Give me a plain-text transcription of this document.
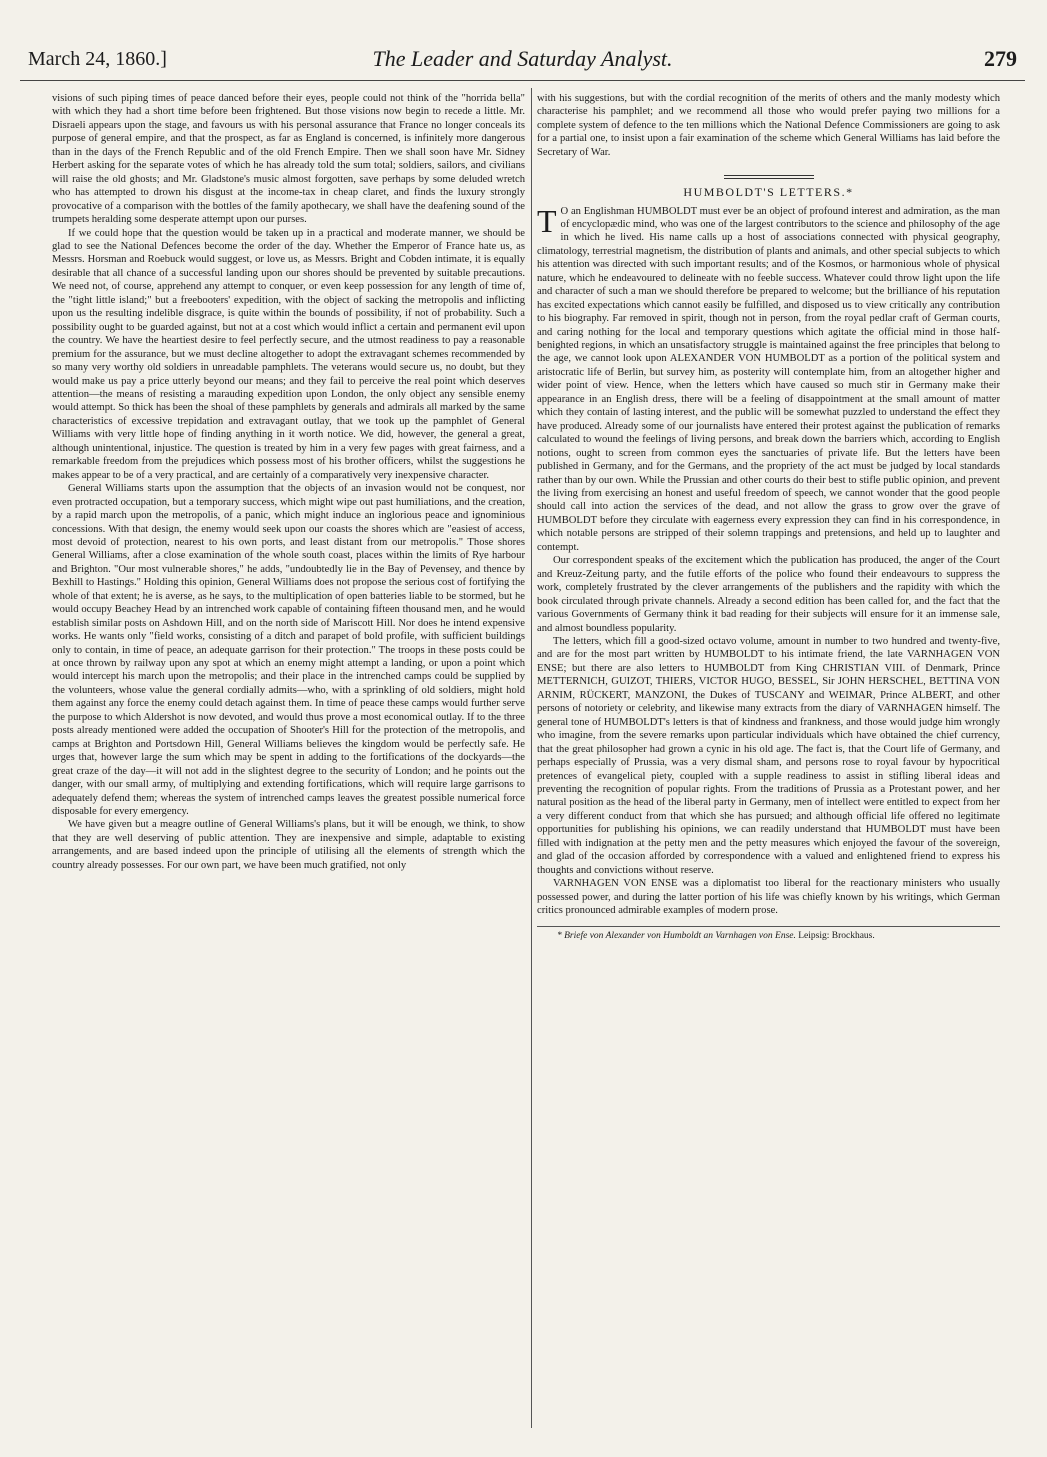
March 24, 1860.]	The Leader and Saturday Analyst.	279

visions of such piping times of peace danced before their eyes, people could not think of the "horrida bella" with which they had a short time before been frightened. But those visions now begin to recede a little. Mr. Disraeli appears upon the stage, and favours us with his personal assurance that France no longer conceals its purpose of general empire, and that the prospect, as far as England is concerned, is infinitely more dangerous than in the days of the French Republic and of the old French Empire. Then we shall soon have Mr. Sidney Herbert asking for the separate votes of which he has already told the sum total; soldiers, sailors, and civilians will raise the old ghosts; and Mr. Gladstone's music almost forgotten, save perhaps by some deluded wretch who has attempted to drown his disgust at the income-tax in cheap claret, and finds the luxury strongly provocative of a comparison with the bottles of the family apothecary, we shall have the deafening sound of the trumpets heralding some desperate attempt upon our purses.

If we could hope that the question would be taken up in a practical and moderate manner, we should be glad to see the National Defences become the order of the day. Whether the Emperor of France hate us, as Messrs. Horsman and Roebuck would suggest, or love us, as Messrs. Bright and Cobden intimate, it is equally desirable that all chance of a successful landing upon our shores should be prevented by suitable precautions. We need not, of course, apprehend any attempt to conquer, or even keep possession for any length of time of, the "tight little island;" but a freebooters' expedition, with the object of sacking the metropolis and inflicting upon us the resulting indelible disgrace, is quite within the bounds of possibility, if not of probability. Such a possibility ought to be guarded against, but not at a cost which would inflict a certain and permanent evil upon the country. We have the heartiest desire to feel perfectly secure, and the utmost readiness to pay a reasonable premium for the assurance, but we must decline altogether to adopt the extravagant schemes recommended by so many very worthy old soldiers in unreadable pamphlets. The veterans would secure us, no doubt, but they would make us pay a price utterly beyond our means; and they fail to perceive the real point which deserves attention—the means of resisting a marauding expedition upon London, the only object any sensible enemy would attempt. So thick has been the shoal of these pamphlets by generals and admirals all marked by the same characteristics of excessive trepidation and extravagant outlay, that we took up the pamphlet of General Williams with very little hope of finding anything in it worth notice. We did, however, the general a great, although unintentional, injustice. The question is treated by him in a very few pages with great fairness, and a remarkable freedom from the prejudices which possess most of his brother officers, whilst the suggestions he makes appear to be of a very practical, and are certainly of a comparatively very inexpensive character.

General Williams starts upon the assumption that the objects of an invasion would not be conquest, nor even protracted occupation, but a temporary success, which might wipe out past humiliations, and the creation, by a rapid march upon the metropolis, of a panic, which might induce an inglorious peace and ignominious concessions. With that design, the enemy would seek upon our coasts the shores which are "easiest of access, most devoid of protection, nearest to his own ports, and least distant from our metropolis." Those shores General Williams, after a close examination of the whole south coast, places within the limits of Rye harbour and Brighton. "Our most vulnerable shores," he adds, "undoubtedly lie in the Bay of Pevensey, and thence by Bexhill to Hastings." Holding this opinion, General Williams does not propose the serious cost of fortifying the whole of that extent; he is averse, as he says, to the multiplication of open batteries liable to be stormed, but he would occupy Beachey Head by an intrenched work capable of containing fifteen thousand men, and he would establish similar posts on Ashdown Hill, and on the north side of Mariscott Hill. Nor does he intend expensive works. He wants only "field works, consisting of a ditch and parapet of bold profile, with sufficient buildings only to contain, in time of peace, an adequate garrison for their protection." The troops in these posts could be at once thrown by railway upon any spot at which an enemy might attempt a landing, or upon a point which would intercept his march upon the metropolis; and their place in the intrenched camps could be supplied by the volunteers, whose value the general cordially admits—who, with a sprinkling of old soldiers, might hold them against any force the enemy could detach against them. In time of peace these camps would further serve the purpose to which Aldershot is now devoted, and would thus prove a most economical outlay. If to the three posts already mentioned were added the occupation of Shooter's Hill for the protection of the metropolis, and camps at Brighton and Portsdown Hill, General Williams believes the kingdom would be perfectly safe. He urges that, however large the sum which may be spent in adding to the fortifications of the dockyards—the great craze of the day—it will not add in the slightest degree to the security of London; and he points out the danger, with our small army, of multiplying and extending fortifications, which will require large garrisons to adequately defend them; whereas the system of intrenched camps leaves the greatest possible numerical force disposable for every emergency.

We have given but a meagre outline of General Williams's plans, but it will be enough, we think, to show that they are well deserving of public attention. They are inexpensive and simple, adaptable to existing arrangements, and are based indeed upon the principle of utilising all the elements of strength which the country already possesses. For our own part, we have been much gratified, not only

with his suggestions, but with the cordial recognition of the merits of others and the manly modesty which characterise his pamphlet; and we recommend all those who would prefer paying two millions for a complete system of defence to the ten millions which the National Defence Commissioners are going to ask for a partial one, to insist upon a fair examination of the scheme which General Williams has laid before the Secretary of War.

HUMBOLDT'S LETTERS.*

T O an Englishman HUMBOLDT must ever be an object of profound interest and admiration, as the man of encyclopædic mind, who was one of the largest contributors to the science and philosophy of the age in which he lived. His name calls up a host of associations connected with physical geography, climatology, terrestrial magnetism, the distribution of plants and animals, and other special subjects to which his attention was directed with such important results; and of the Kosmos, or harmonious whole of physical nature, which he endeavoured to delineate with no feeble success. Whatever could throw light upon the life and character of such a man we should therefore be prepared to welcome; but the brilliance of his reputation has excited expectations which cannot easily be fulfilled, and disposed us to view critically any contribution to his biography. Far removed in spirit, though not in person, from the royal pedlar craft of German courts, and caring nothing for the local and temporary questions which agitate the official mind in those half-benighted regions, in which an unsatisfactory struggle is maintained against the free principles that belong to the age, we cannot look upon ALEXANDER VON HUMBOLDT as a portion of the political system and aristocratic life of Berlin, but survey him, as posterity will contemplate him, from an altogether higher and wider point of view. Hence, when the letters which have caused so much stir in Germany make their appearance in an English dress, there will be a feeling of disappointment at the small amount of matter which they contain of lasting interest, and the public will be somewhat puzzled to understand the effect they have produced. Already some of our journalists have entered their protest against the publication of remarks calculated to wound the feelings of living persons, and break down the barriers which, according to English notions, ought to screen from common eyes the sanctuaries of private life. But the letters have been published in Germany, and for the Germans, and the propriety of the act must be judged by local standards rather than by our own. While the Prussian and other courts do their best to stifle public opinion, and prevent the living from exercising an honest and useful freedom of speech, we cannot wonder that the good people should call into action the services of the dead, and not allow the grass to grow over the grave of HUMBOLDT before they circulate with eagerness every expression they can find in his correspondence, in which notable persons are stripped of their solemn trappings and pretensions, and held up to laughter and contempt.

Our correspondent speaks of the excitement which the publication has produced, the anger of the Court and Kreuz-Zeitung party, and the futile efforts of the police who found their endeavours to suppress the work, completely frustrated by the clever arrangements of the publishers and the rapidity with which the book circulated through private channels. Already a second edition has been called for, and the fact that the various Governments of Germany think it bad reading for their subjects will ensure for it an immense sale, and almost boundless popularity.

The letters, which fill a good-sized octavo volume, amount in number to two hundred and twenty-five, and are for the most part written by HUMBOLDT to his intimate friend, the late VARNHAGEN VON ENSE; but there are also letters to HUMBOLDT from King CHRISTIAN VIII. of Denmark, Prince METTERNICH, GUIZOT, THIERS, VICTOR HUGO, BESSEL, Sir JOHN HERSCHEL, BETTINA VON ARNIM, RÜCKERT, MANZONI, the Dukes of TUSCANY and WEIMAR, Prince ALBERT, and other persons of notoriety or celebrity, and likewise many extracts from the diary of VARNHAGEN himself. The general tone of HUMBOLDT's letters is that of kindness and frankness, and those would judge him wrongly who imagine, from the severe remarks upon particular individuals which have obtained the chief currency, that the great philosopher had grown a cynic in his old age. The fact is, that the Court life of Germany, and perhaps especially of Prussia, was a very dismal sham, and persons rose to royal favour by hypocritical pretences of evangelical piety, coupled with a supple readiness to assist in stifling liberal ideas and preventing the recognition of popular rights. From the traditions of Prussia as a Protestant power, and her natural position as the head of the liberal party in Germany, men of intellect were entitled to expect from her a very different conduct from that which she has pursued; and although official life offered no legitimate opportunities for publishing his opinions, we can readily understand that HUMBOLDT must have been filled with indignation at the petty men and the petty measures which enjoyed the favour of the sovereign, and glad of the occasion afforded by correspondence with a valued and enlightened friend to express his thoughts and convictions without reserve.

VARNHAGEN VON ENSE was a diplomatist too liberal for the reactionary ministers who usually possessed power, and during the latter portion of his life was chiefly known by his writings, which German critics pronounced admirable examples of modern prose.

* Briefe von Alexander von Humboldt an Varnhagen von Ense. Leipsig: Brockhaus.
